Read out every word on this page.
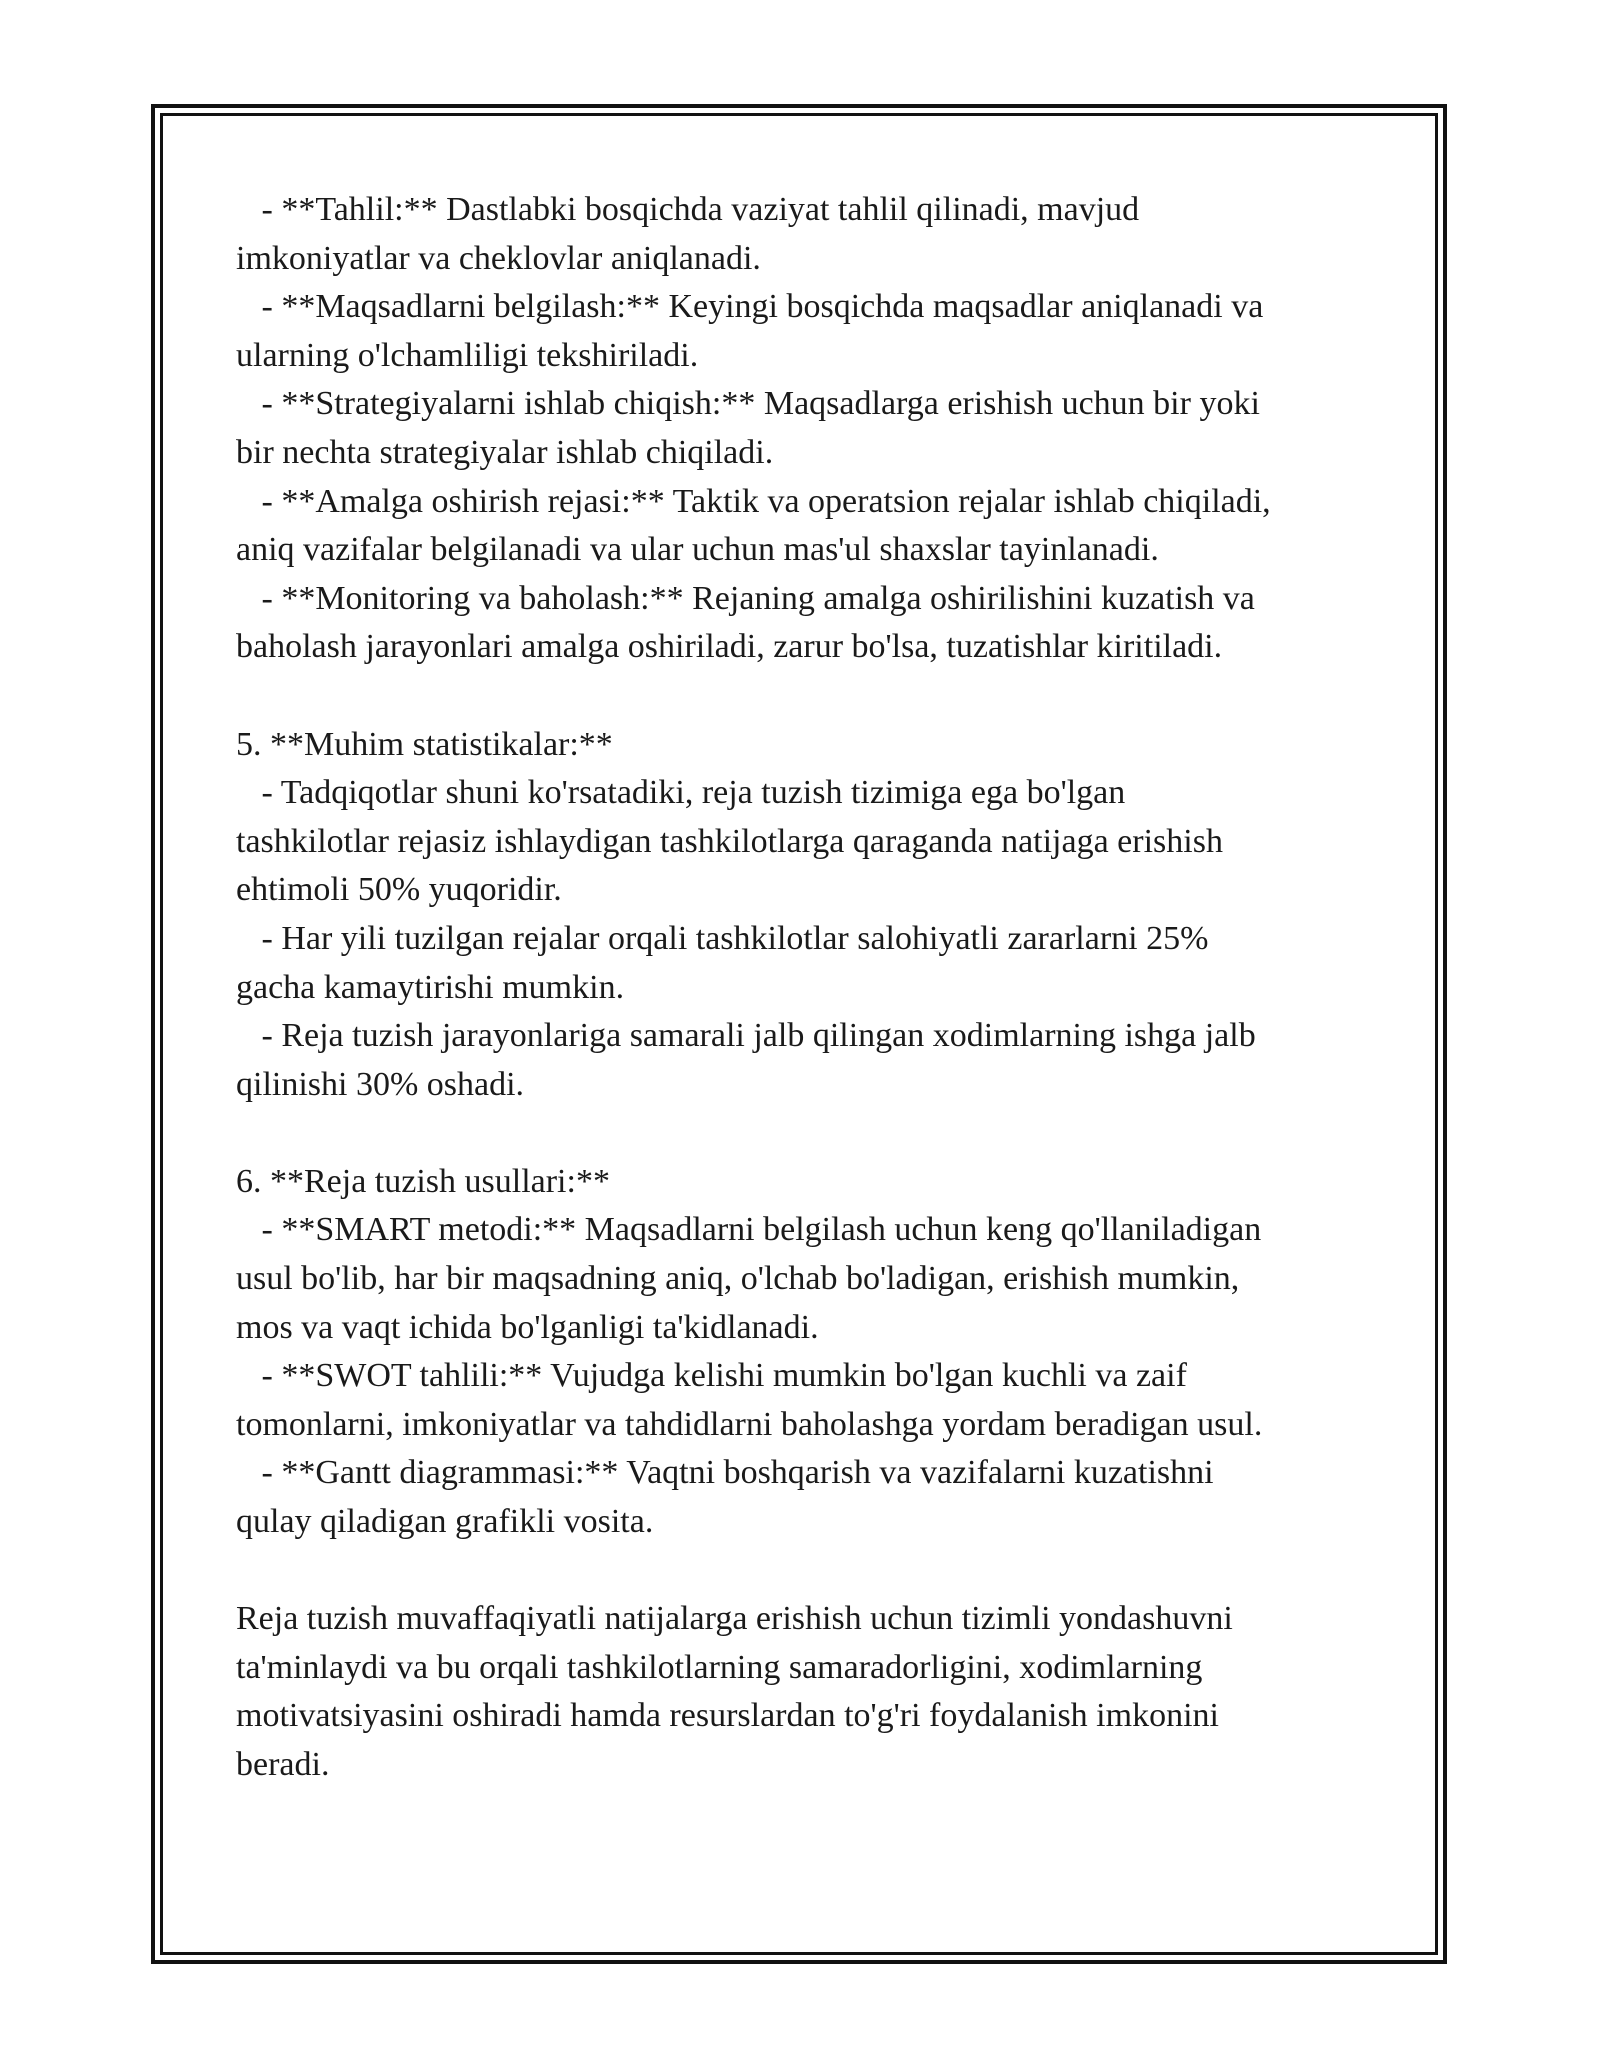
- **Tahlil:** Dastlabki bosqichda vaziyat tahlil qilinadi, mavjud
imkoniyatlar va cheklovlar aniqlanadi.
- **Maqsadlarni belgilash:** Keyingi bosqichda maqsadlar aniqlanadi va
ularning o'lchamliligi tekshiriladi.
- **Strategiyalarni ishlab chiqish:** Maqsadlarga erishish uchun bir yoki
bir nechta strategiyalar ishlab chiqiladi.
- **Amalga oshirish rejasi:** Taktik va operatsion rejalar ishlab chiqiladi,
aniq vazifalar belgilanadi va ular uchun mas'ul shaxslar tayinlanadi.
- **Monitoring va baholash:** Rejaning amalga oshirilishini kuzatish va
baholash jarayonlari amalga oshiriladi, zarur bo'lsa, tuzatishlar kiritiladi.
5. **Muhim statistikalar:**
- Tadqiqotlar shuni ko'rsatadiki, reja tuzish tizimiga ega bo'lgan
tashkilotlar rejasiz ishlaydigan tashkilotlarga qaraganda natijaga erishish
ehtimoli 50% yuqoridir.
- Har yili tuzilgan rejalar orqali tashkilotlar salohiyatli zararlarni 25%
gacha kamaytirishi mumkin.
- Reja tuzish jarayonlariga samarali jalb qilingan xodimlarning ishga jalb
qilinishi 30% oshadi.
6. **Reja tuzish usullari:**
- **SMART metodi:** Maqsadlarni belgilash uchun keng qo'llaniladigan
usul bo'lib, har bir maqsadning aniq, o'lchab bo'ladigan, erishish mumkin,
mos va vaqt ichida bo'lganligi ta'kidlanadi.
- **SWOT tahlili:** Vujudga kelishi mumkin bo'lgan kuchli va zaif
tomonlarni, imkoniyatlar va tahdidlarni baholashga yordam beradigan usul.
- **Gantt diagrammasi:** Vaqtni boshqarish va vazifalarni kuzatishni
qulay qiladigan grafikli vosita.
Reja tuzish muvaffaqiyatli natijalarga erishish uchun tizimli yondashuvni
ta'minlaydi va bu orqali tashkilotlarning samaradorligini, xodimlarning
motivatsiyasini oshiradi hamda resurslardan to'g'ri foydalanish imkonini
beradi.
